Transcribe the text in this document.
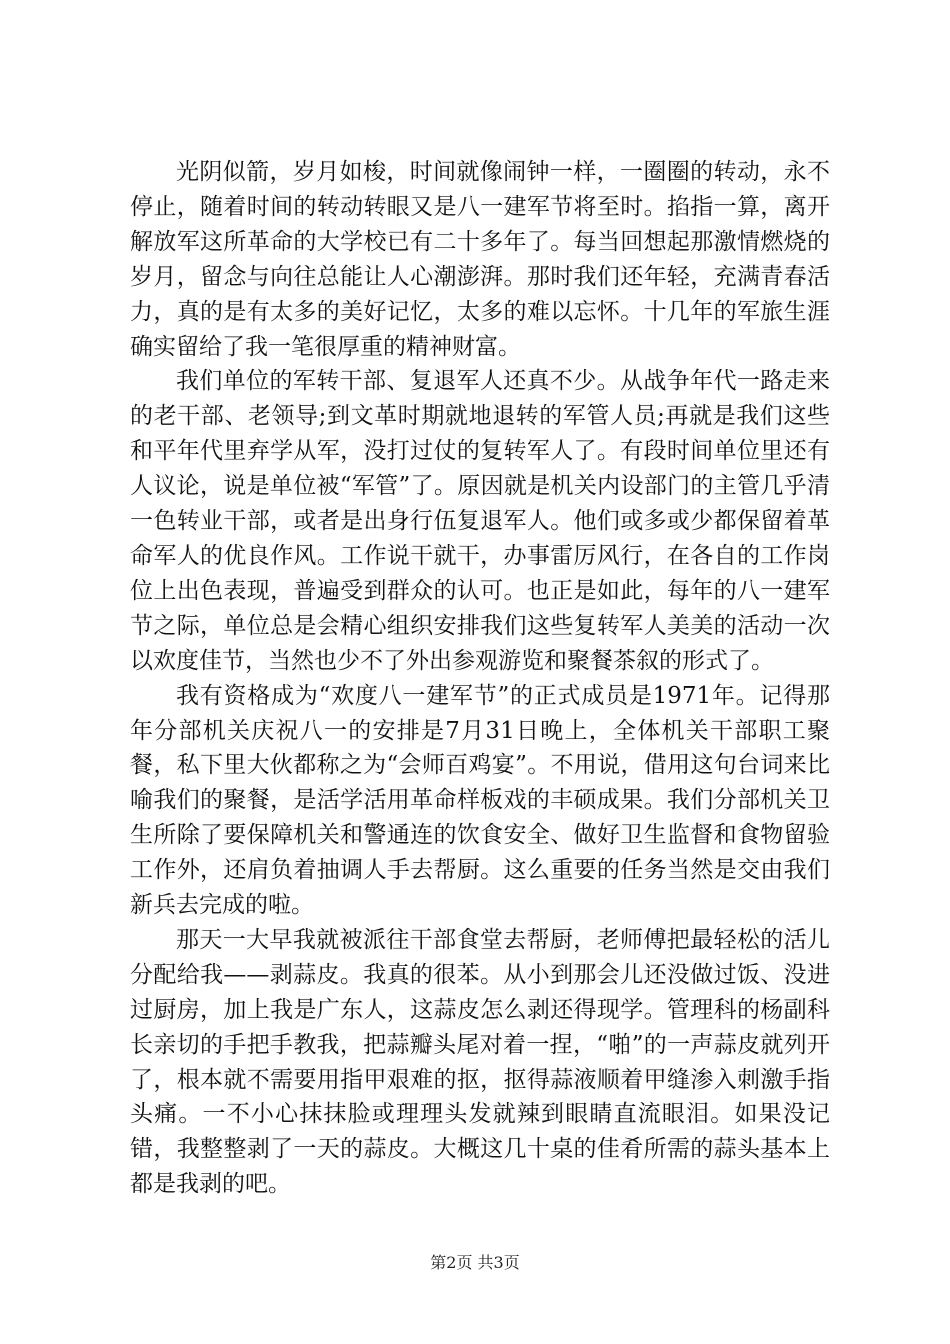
光阴似箭，岁月如梭，时间就像闹钟一样，一圈圈的转动，永不停止，随着时间的转动转眼又是八一建军节将至时。掐指一算，离开解放军这所革命的大学校已有二十多年了。每当回想起那激情燃烧的岁月，留念与向往总能让人心潮澎湃。那时我们还年轻，充满青春活力，真的是有太多的美好记忆，太多的难以忘怀。十几年的军旅生涯确实留给了我一笔很厚重的精神财富。

我们单位的军转干部、复退军人还真不少。从战争年代一路走来的老干部、老领导;到文革时期就地退转的军管人员;再就是我们这些和平年代里弃学从军，没打过仗的复转军人了。有段时间单位里还有人议论，说是单位被“军管”了。原因就是机关内设部门的主管几乎清一色转业干部，或者是出身行伍复退军人。他们或多或少都保留着革命军人的优良作风。工作说干就干，办事雷厉风行，在各自的工作岗位上出色表现，普遍受到群众的认可。也正是如此，每年的八一建军节之际，单位总是会精心组织安排我们这些复转军人美美的活动一次以欢度佳节，当然也少不了外出参观游览和聚餐茶叙的形式了。

我有资格成为“欢度八一建军节”的正式成员是1971年。记得那年分部机关庆祝八一的安排是7月31日晚上，全体机关干部职工聚餐，私下里大伙都称之为“会师百鸡宴”。不用说，借用这句台词来比喻我们的聚餐，是活学活用革命样板戏的丰硕成果。我们分部机关卫生所除了要保障机关和警通连的饮食安全、做好卫生监督和食物留验工作外，还肩负着抽调人手去帮厨。这么重要的任务当然是交由我们新兵去完成的啦。

那天一大早我就被派往干部食堂去帮厨，老师傅把最轻松的活儿分配给我——剥蒜皮。我真的很苯。从小到那会儿还没做过饭、没进过厨房，加上我是广东人，这蒜皮怎么剥还得现学。管理科的杨副科长亲切的手把手教我，把蒜瓣头尾对着一捏，“啪”的一声蒜皮就列开了，根本就不需要用指甲艰难的抠，抠得蒜液顺着甲缝渗入刺激手指头痛。一不小心抹抹脸或理理头发就辣到眼睛直流眼泪。如果没记错，我整整剥了一天的蒜皮。大概这几十桌的佳肴所需的蒜头基本上都是我剥的吧。

第2页 共3页
